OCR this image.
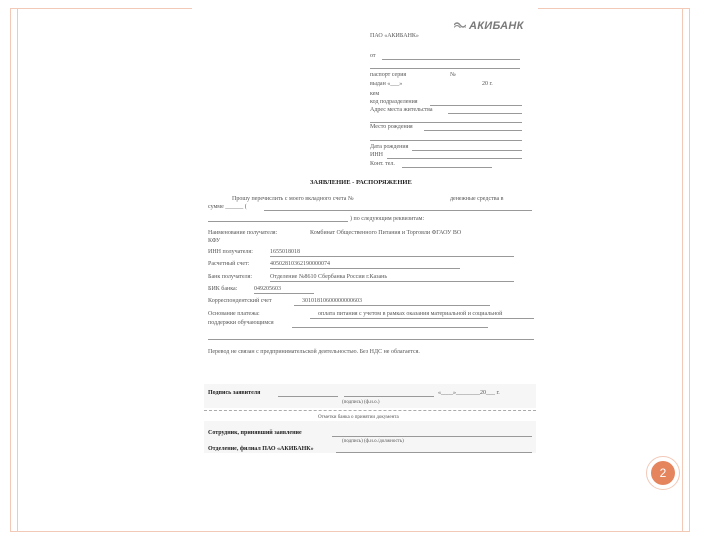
АКИБАНК
ПАО «АКИБАНК»
от
паспорт серия	№
выдан «___»	20 г.
кем
код подразделения
Адрес места жительства
Место рождения
Дата рождения
ИНН
Конт. тел.
ЗАЯВЛЕНИЕ - РАСПОРЯЖЕНИЕ
Прошу перечислить с моего вкладного счета №	денежные средства в
сумме ______ (
) по следующим реквизитам:
Наименование получателя:	Комбинат Общественного Питания и Торговли ФГАОУ ВО
КФУ
ИНН получателя:	1655018018
Расчетный счет:	40502810362190000074
Банк получателя:	Отделение №8610 Сбербанка России г.Казань
БИК банка:	049205603
Корреспондентский счет	30101810600000000603
Основание платежа:	оплата питания с учетом в рамках оказания материальной и социальной
поддержки обучающимся
Перевод не связан с предпринимательской деятельностью. Без НДС не облагается.
Подпись заявителя	«____»________20___ г.
(подпись) (ф.и.о.)
Отметки банка о принятии документа
Сотрудник, принявший заявление
(подпись) (ф.и.о./должность)
Отделение, филиал ПАО «АКИБАНК»
2
